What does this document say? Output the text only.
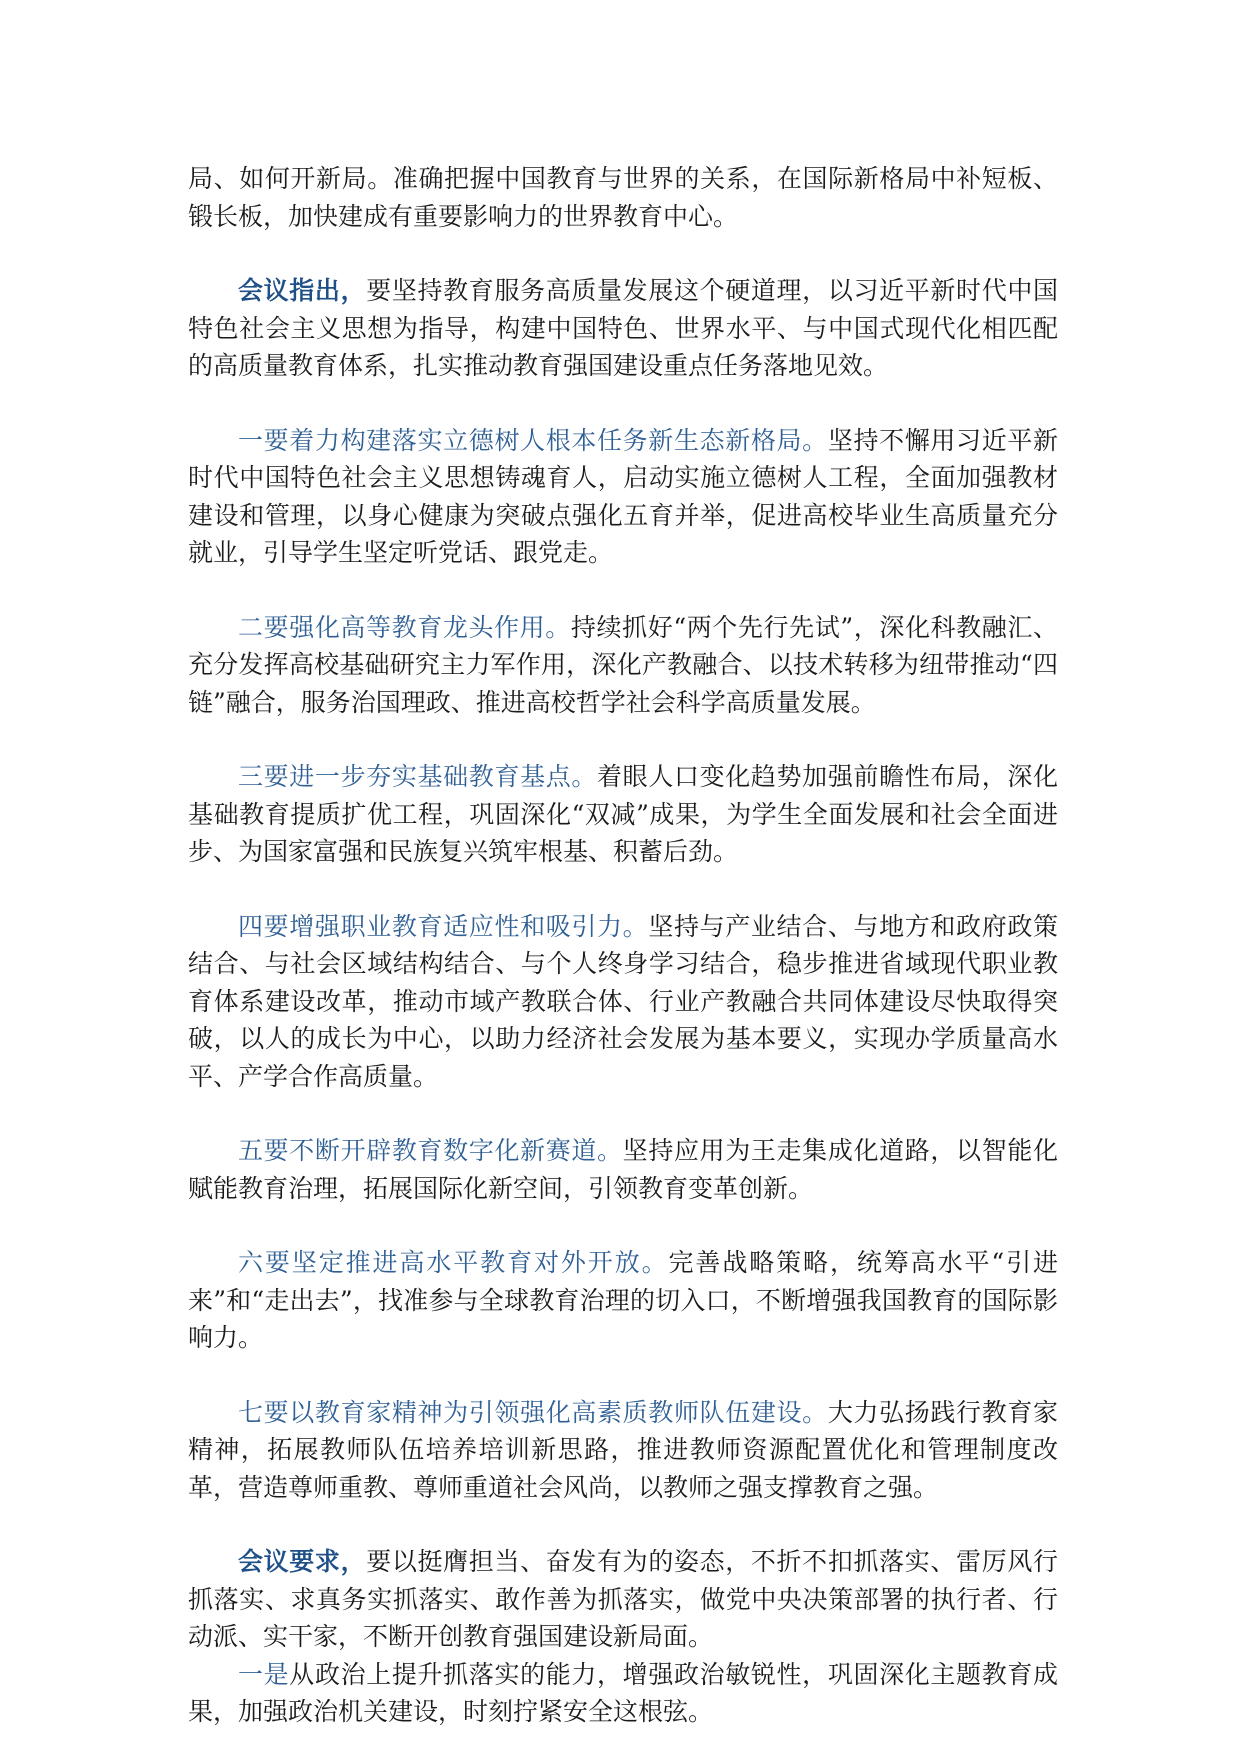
局、如何开新局。准确把握中国教育与世界的关系，在国际新格局中补短板、锻长板，加快建成有重要影响力的世界教育中心。

会议指出，要坚持教育服务高质量发展这个硬道理，以习近平新时代中国特色社会主义思想为指导，构建中国特色、世界水平、与中国式现代化相匹配的高质量教育体系，扎实推动教育强国建设重点任务落地见效。

一要着力构建落实立德树人根本任务新生态新格局。坚持不懈用习近平新时代中国特色社会主义思想铸魂育人，启动实施立德树人工程，全面加强教材建设和管理，以身心健康为突破点强化五育并举，促进高校毕业生高质量充分就业，引导学生坚定听党话、跟党走。

二要强化高等教育龙头作用。持续抓好“两个先行先试”，深化科教融汇、充分发挥高校基础研究主力军作用，深化产教融合、以技术转移为纽带推动“四链”融合，服务治国理政、推进高校哲学社会科学高质量发展。

三要进一步夯实基础教育基点。着眼人口变化趋势加强前瞻性布局，深化基础教育提质扩优工程，巩固深化“双减”成果，为学生全面发展和社会全面进步、为国家富强和民族复兴筑牢根基、积蓄后劲。

四要增强职业教育适应性和吸引力。坚持与产业结合、与地方和政府政策结合、与社会区域结构结合、与个人终身学习结合，稳步推进省域现代职业教育体系建设改革，推动市域产教联合体、行业产教融合共同体建设尽快取得突破，以人的成长为中心，以助力经济社会发展为基本要义，实现办学质量高水平、产学合作高质量。

五要不断开辟教育数字化新赛道。坚持应用为王走集成化道路，以智能化赋能教育治理，拓展国际化新空间，引领教育变革创新。

六要坚定推进高水平教育对外开放。完善战略策略，统筹高水平“引进来”和“走出去”，找准参与全球教育治理的切入口，不断增强我国教育的国际影响力。

七要以教育家精神为引领强化高素质教师队伍建设。大力弘扬践行教育家精神，拓展教师队伍培养培训新思路，推进教师资源配置优化和管理制度改革，营造尊师重教、尊师重道社会风尚，以教师之强支撑教育之强。

会议要求，要以挺膺担当、奋发有为的姿态，不折不扣抓落实、雷厉风行抓落实、求真务实抓落实、敢作善为抓落实，做党中央决策部署的执行者、行动派、实干家，不断开创教育强国建设新局面。

一是从政治上提升抓落实的能力，增强政治敏锐性，巩固深化主题教育成果，加强政治机关建设，时刻拧紧安全这根弦。
